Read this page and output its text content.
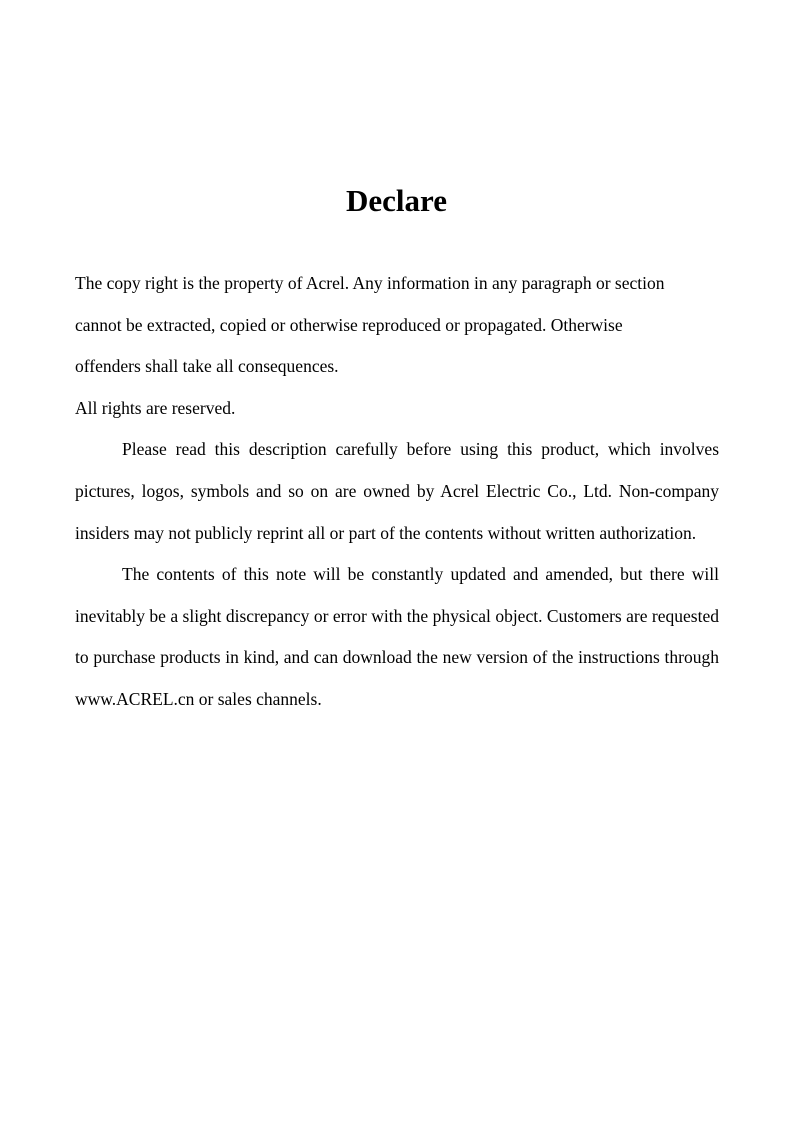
Declare
The copy right is the property of Acrel. Any information in any paragraph or section
cannot be extracted, copied or otherwise reproduced or propagated. Otherwise
offenders shall take all consequences.

All rights are reserved.

Please read this description carefully before using this product, which involves pictures, logos, symbols and so on are owned by Acrel Electric Co., Ltd. Non-company insiders may not publicly reprint all or part of the contents without written authorization.

The contents of this note will be constantly updated and amended, but there will inevitably be a slight discrepancy or error with the physical object. Customers are requested to purchase products in kind, and can download the new version of the instructions through www.ACREL.cn or sales channels.
